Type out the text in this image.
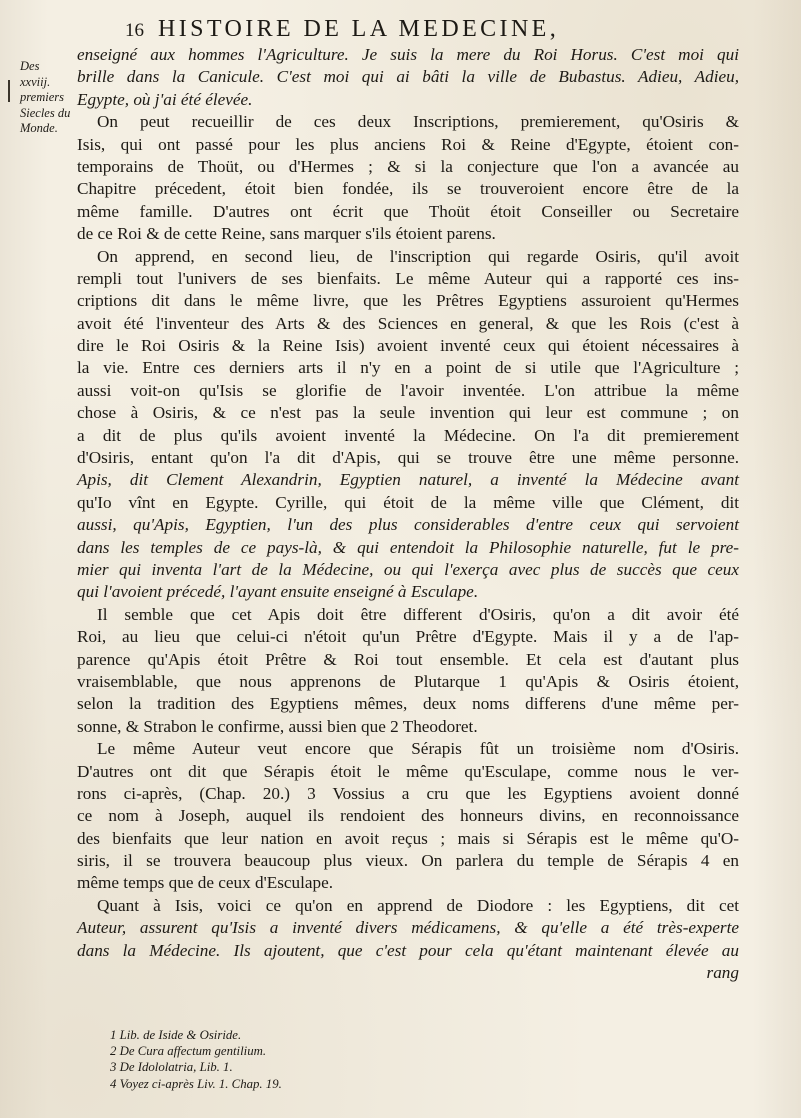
16 HISTOIRE DE LA MEDECINE,
Des
xxviij.
premiers
Siecles du
Monde.
enseigné aux hommes l'Agriculture. Je suis la mere du Roi Horus. C'est moi qui
brille dans la Canicule. C'est moi qui ai bâti la ville de Bubastus. Adieu, Adieu,
Egypte, où j'ai été élevée.
On peut recueillir de ces deux Inscriptions, premierement, qu'Osiris &
Isis, qui ont passé pour les plus anciens Roi & Reine d'Egypte, étoient con-
temporains de Thoüt, ou d'Hermes ; & si la conjecture que l'on a avancée au
Chapitre précedent, étoit bien fondée, ils se trouveroient encore être de la
même famille. D'autres ont écrit que Thoüt étoit Conseiller ou Secretaire
de ce Roi & de cette Reine, sans marquer s'ils étoient parens.
On apprend, en second lieu, de l'inscription qui regarde Osiris, qu'il avoit
rempli tout l'univers de ses bienfaits. Le même Auteur qui a rapporté ces ins-
criptions dit dans le même livre, que les Prêtres Egyptiens assuroient qu'Hermes
avoit été l'inventeur des Arts & des Sciences en general, & que les Rois (c'est à
dire le Roi Osiris & la Reine Isis) avoient inventé ceux qui étoient nécessaires à
la vie. Entre ces derniers arts il n'y en a point de si utile que l'Agriculture ;
aussi voit-on qu'Isis se glorifie de l'avoir inventée. L'on attribue la même
chose à Osiris, & ce n'est pas la seule invention qui leur est commune ; on
a dit de plus qu'ils avoient inventé la Médecine. On l'a dit premierement
d'Osiris, entant qu'on l'a dit d'Apis, qui se trouve être une même personne.
Apis, dit Clement Alexandrin, Egyptien naturel, a inventé la Médecine avant
qu'Io vînt en Egypte. Cyrille, qui étoit de la même ville que Clément, dit
aussi, qu'Apis, Egyptien, l'un des plus considerables d'entre ceux qui servoient
dans les temples de ce pays-là, & qui entendoit la Philosophie naturelle, fut le pre-
mier qui inventa l'art de la Médecine, ou qui l'exerça avec plus de succès que ceux
qui l'avoient précedé, l'ayant ensuite enseigné à Esculape.
Il semble que cet Apis doit être different d'Osiris, qu'on a dit avoir été
Roi, au lieu que celui-ci n'étoit qu'un Prêtre d'Egypte. Mais il y a de l'ap-
parence qu'Apis étoit Prêtre & Roi tout ensemble. Et cela est d'autant plus
vraisemblable, que nous apprenons de Plutarque 1 qu'Apis & Osiris étoient,
selon la tradition des Egyptiens mêmes, deux noms differens d'une même per-
sonne, & Strabon le confirme, aussi bien que 2 Theodoret.
Le même Auteur veut encore que Sérapis fût un troisième nom d'Osiris.
D'autres ont dit que Sérapis étoit le même qu'Esculape, comme nous le ver-
rons ci-après, (Chap. 20.) 3 Vossius a cru que les Egyptiens avoient donné
ce nom à Joseph, auquel ils rendoient des honneurs divins, en reconnoissance
des bienfaits que leur nation en avoit reçus ; mais si Sérapis est le même qu'O-
siris, il se trouvera beaucoup plus vieux. On parlera du temple de Sérapis 4 en
même temps que de ceux d'Esculape.
Quant à Isis, voici ce qu'on en apprend de Diodore : les Egyptiens, dit cet
Auteur, assurent qu'Isis a inventé divers médicamens, & qu'elle a été très-experte
dans la Médecine. Ils ajoutent, que c'est pour cela qu'étant maintenant élevée au
rang
1 Lib. de Iside & Osiride.
2 De Cura affectum gentilium.
3 De Idololatria, Lib. 1.
4 Voyez ci-après Liv. 1. Chap. 19.
